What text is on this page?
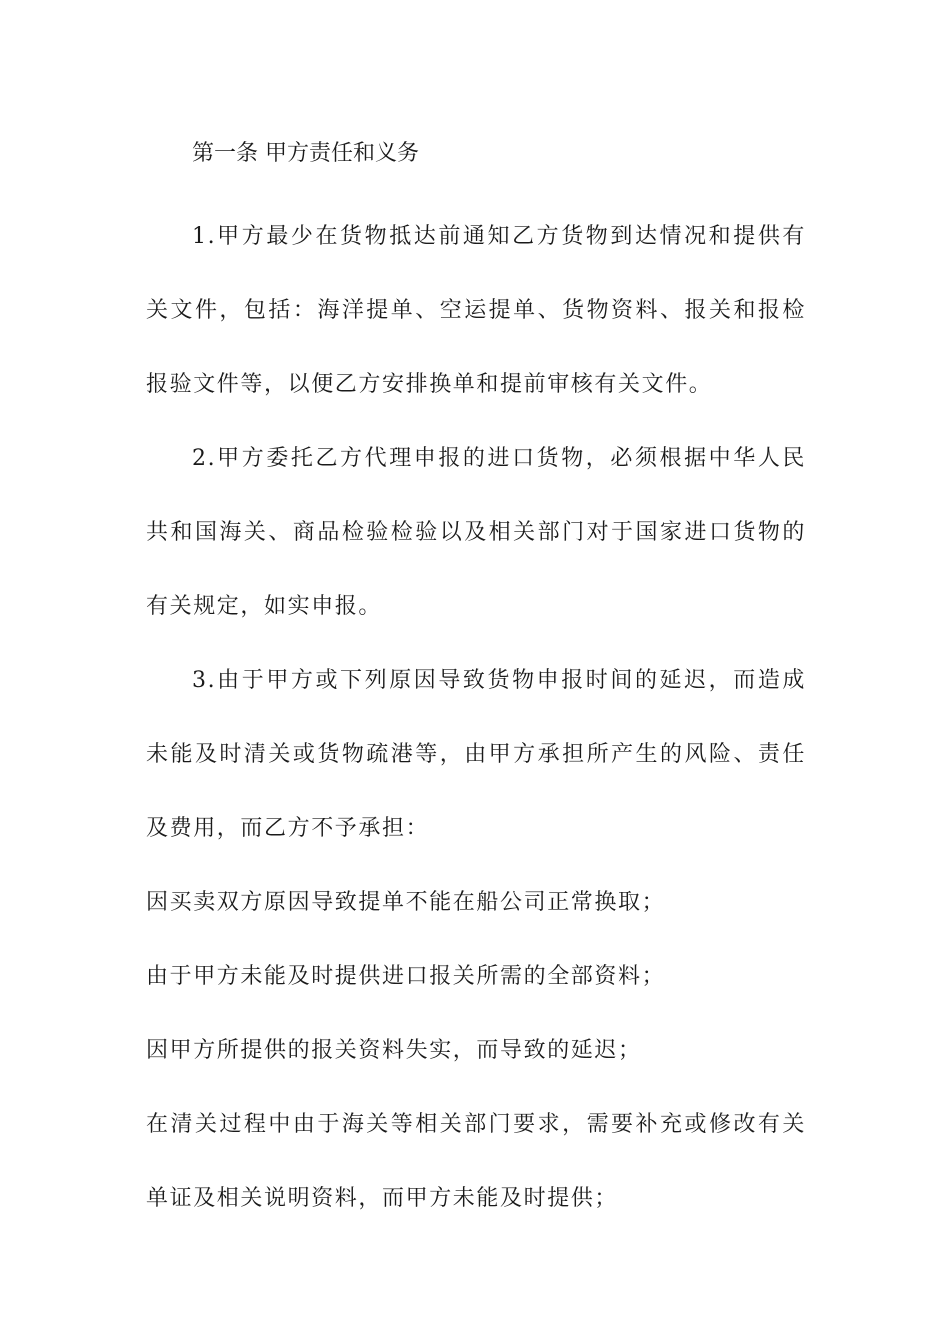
第一条 甲方责任和义务

1.甲方最少在货物抵达前通知乙方货物到达情况和提供有关文件，包括：海洋提单、空运提单、货物资料、报关和报检报验文件等，以便乙方安排换单和提前审核有关文件。

2.甲方委托乙方代理申报的进口货物，必须根据中华人民共和国海关、商品检验检验以及相关部门对于国家进口货物的有关规定，如实申报。

3.由于甲方或下列原因导致货物申报时间的延迟，而造成未能及时清关或货物疏港等，由甲方承担所产生的风险、责任及费用，而乙方不予承担：

因买卖双方原因导致提单不能在船公司正常换取；
由于甲方未能及时提供进口报关所需的全部资料；
因甲方所提供的报关资料失实，而导致的延迟；
在清关过程中由于海关等相关部门要求，需要补充或修改有关单证及相关说明资料，而甲方未能及时提供；
